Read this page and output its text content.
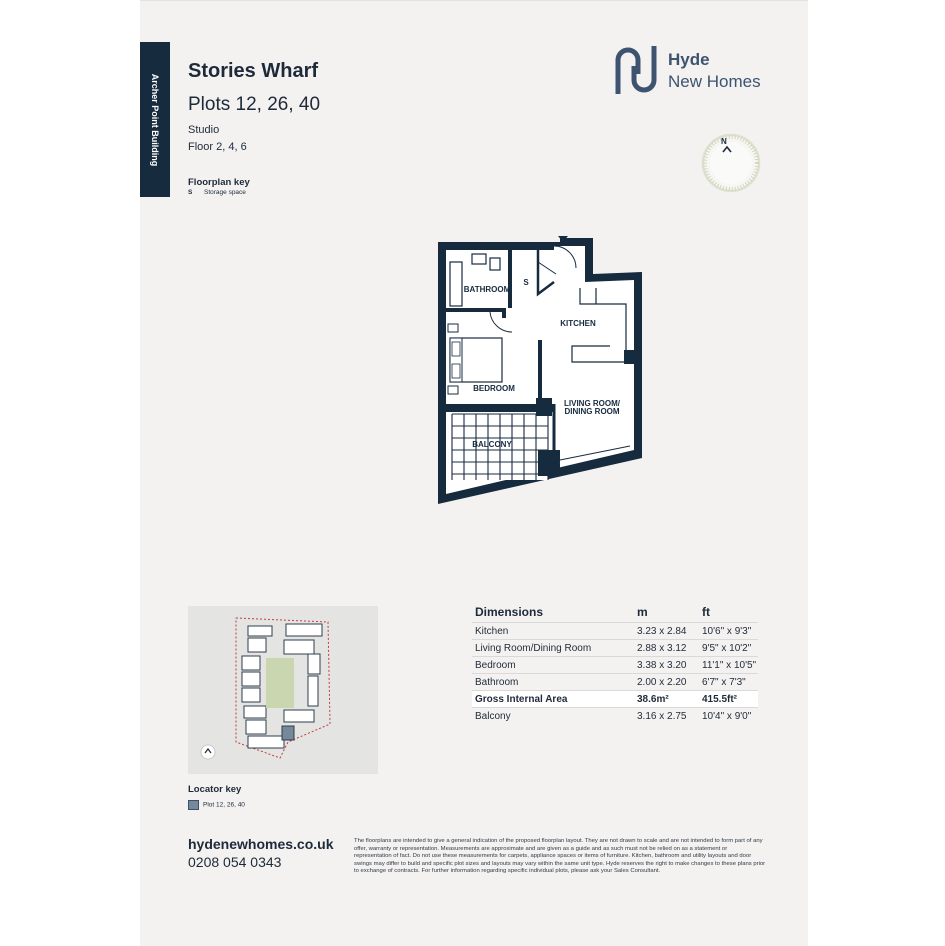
Archer Point Building
Stories Wharf
Plots 12, 26, 40
Studio
Floor 2, 4, 6
Floorplan key
S Storage space
Hyde
New Homes
N
BATHROOM
S
KITCHEN
BEDROOM
LIVING ROOM/
DINING ROOM
BALCONY
Locator key
Plot 12, 26, 40
Dimensions	m	ft
Kitchen	3.23 x 2.84	10'6" x 9'3"
Living Room/Dining Room	2.88 x 3.12	9'5" x 10'2"
Bedroom	3.38 x 3.20	11'1" x 10'5"
Bathroom	2.00 x 2.20	6'7" x 7'3"
Gross Internal Area	38.6m²	415.5ft²
Balcony	3.16 x 2.75	10'4" x 9'0"
hydenewhomes.co.uk
0208 054 0343
The floorplans are intended to give a general indication of the proposed floorplan layout. They are not drawn to scale and are not intended to form part of any offer, warranty or representation. Measurements are approximate and are given as a guide and as such must not be relied on as a statement or representation of fact. Do not use these measurements for carpets, appliance spaces or items of furniture. Kitchen, bathroom and utility layouts and door swings may differ to build and specific plot sizes and layouts may vary within the same unit type. Hyde reserves the right to make changes to these plans prior to exchange of contracts. For further information regarding specific individual plots, please ask your Sales Consultant.
